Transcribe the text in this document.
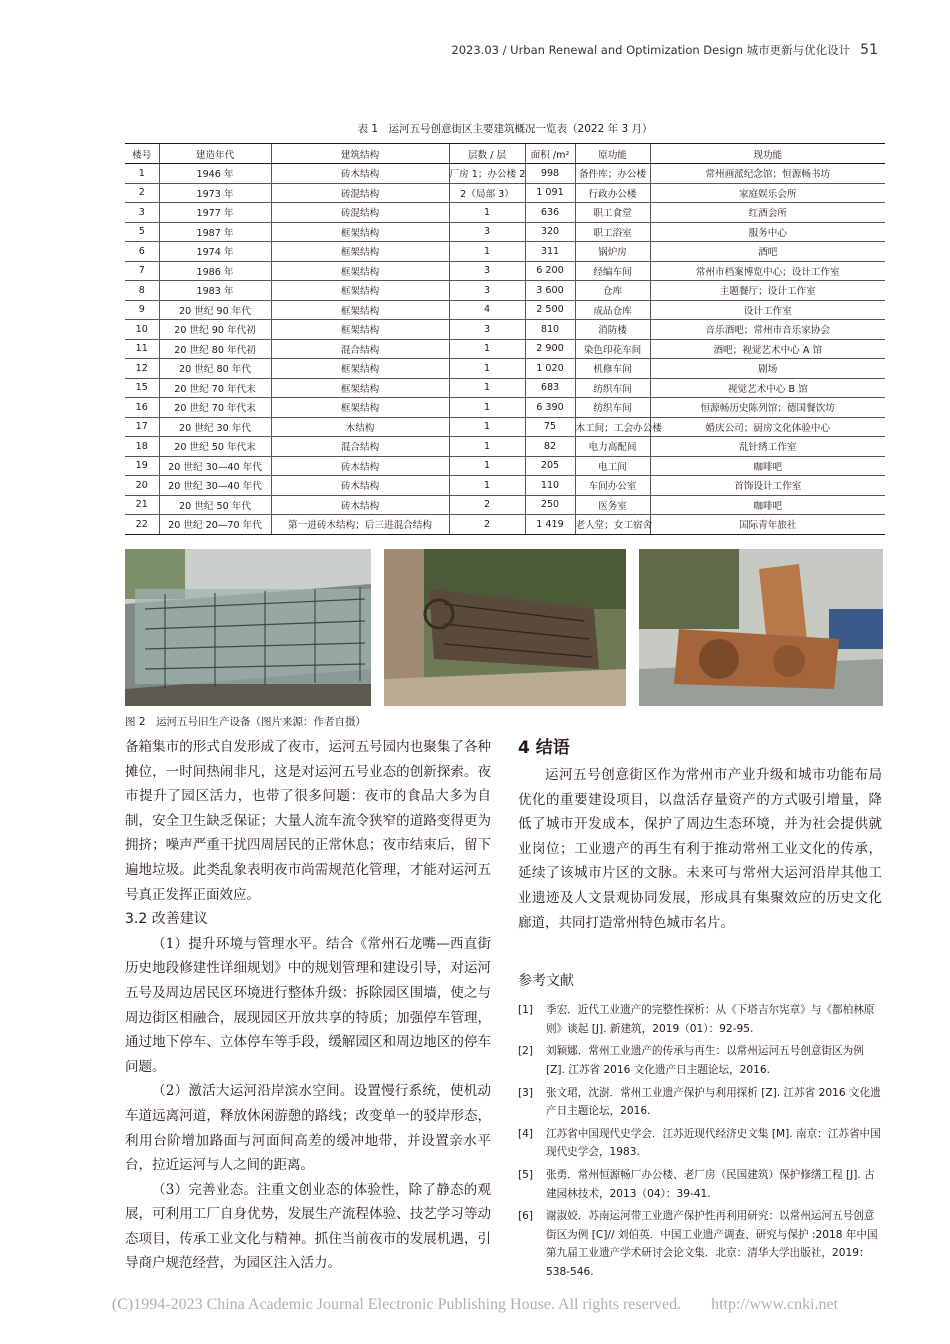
2023.03 / Urban Renewal and Optimization Design 城市更新与优化设计 51
表 1　运河五号创意街区主要建筑概况一览表（2022 年 3 月）
楼号	建造年代	建筑结构	层数 / 层	面积 /m²	原功能	现功能
1	1946 年	砖木结构	厂房 1；办公楼 2	998	备件库；办公楼	常州画派纪念馆；恒源畅书坊
2	1973 年	砖混结构	2（局部 3）	1 091	行政办公楼	家庭娱乐会所
3	1977 年	砖混结构	1	636	职工食堂	红酒会所
5	1987 年	框架结构	3	320	职工浴室	服务中心
6	1974 年	框架结构	1	311	锅炉房	酒吧
7	1986 年	框架结构	3	6 200	经编车间	常州市档案博览中心；设计工作室
8	1983 年	框架结构	3	3 600	仓库	主题餐厅；设计工作室
9	20 世纪 90 年代	框架结构	4	2 500	成品仓库	设计工作室
10	20 世纪 90 年代初	框架结构	3	810	消防楼	音乐酒吧；常州市音乐家协会
11	20 世纪 80 年代初	混合结构	1	2 900	染色印花车间	酒吧；视觉艺术中心 A 馆
12	20 世纪 80 年代	框架结构	1	1 020	机修车间	剧场
15	20 世纪 70 年代末	框架结构	1	683	纺织车间	视觉艺术中心 B 馆
16	20 世纪 70 年代末	框架结构	1	6 390	纺织车间	恒源畅历史陈列馆；德国餐饮坊
17	20 世纪 30 年代	木结构	1	75	木工间；工会办公楼	婚庆公司；厨房文化体验中心
18	20 世纪 50 年代末	混合结构	1	82	电力高配间	乱针绣工作室
19	20 世纪 30—40 年代	砖木结构	1	205	电工间	咖啡吧
20	20 世纪 30—40 年代	砖木结构	1	110	车间办公室	首饰设计工作室
21	20 世纪 50 年代	砖木结构	2	250	医务室	咖啡吧
22	20 世纪 20—70 年代	第一进砖木结构；后三进混合结构	2	1 419	老人堂；女工宿舍	国际青年旅社
图 2　运河五号旧生产设备（图片来源：作者自摄）

备箱集市的形式自发形成了夜市，运河五号园内也聚集了各种摊位，一时间热闹非凡，这是对运河五号业态的创新探索。夜市提升了园区活力，也带了很多问题：夜市的食品大多为自制，安全卫生缺乏保证；大量人流车流令狭窄的道路变得更为拥挤；噪声严重干扰四周居民的正常休息；夜市结束后，留下遍地垃圾。此类乱象表明夜市尚需规范化管理，才能对运河五号真正发挥正面效应。

3.2 改善建议

（1）提升环境与管理水平。结合《常州石龙嘴—西直街历史地段修建性详细规划》中的规划管理和建设引导，对运河五号及周边居民区环境进行整体升级：拆除园区围墙，使之与周边街区相融合，展现园区开放共享的特质；加强停车管理，通过地下停车、立体停车等手段，缓解园区和周边地区的停车问题。

（2）激活大运河沿岸滨水空间。设置慢行系统，使机动车道远离河道，释放休闲游憩的路线；改变单一的驳岸形态，利用台阶增加路面与河面间高差的缓冲地带，并设置亲水平台，拉近运河与人之间的距离。

（3）完善业态。注重文创业态的体验性，除了静态的观展，可利用工厂自身优势，发展生产流程体验、技艺学习等动态项目，传承工业文化与精神。抓住当前夜市的发展机遇，引导商户规范经营，为园区注入活力。

4 结语

运河五号创意街区作为常州市产业升级和城市功能布局优化的重要建设项目，以盘活存量资产的方式吸引增量，降低了城市开发成本，保护了周边生态环境，并为社会提供就业岗位；工业遗产的再生有利于推动常州工业文化的传承，延续了该城市片区的文脉。未来可与常州大运河沿岸其他工业遗迹及人文景观协同发展，形成具有集聚效应的历史文化廊道，共同打造常州特色城市名片。

参考文献
[1]	季宏．近代工业遗产的完整性探析：从《下塔吉尔宪章》与《都柏林原则》谈起 [J]. 新建筑，2019（01）：92-95.
[2]	刘颖娜．常州工业遗产的传承与再生：以常州运河五号创意街区为例 [Z]. 江苏省 2016 文化遗产日主题论坛，2016.
[3]	张文珺，沈澍．常州工业遗产保护与利用探析 [Z]. 江苏省 2016 文化遗产日主题论坛，2016.
[4]	江苏省中国现代史学会．江苏近现代经济史文集 [M]. 南京：江苏省中国现代史学会，1983.
[5]	张勇．常州恒源畅厂办公楼、老厂房（民国建筑）保护修缮工程 [J]. 古建园林技术，2013（04）：39-41.
[6]	谢淑姣．苏南运河带工业遗产保护性再利用研究：以常州运河五号创意街区为例 [C]// 刘伯英．中国工业遗产调查、研究与保护 :2018 年中国第九届工业遗产学术研讨会论文集．北京：清华大学出版社，2019：538-546.
(C)1994-2023 China Academic Journal Electronic Publishing House. All rights reserved. http://www.cnki.net
